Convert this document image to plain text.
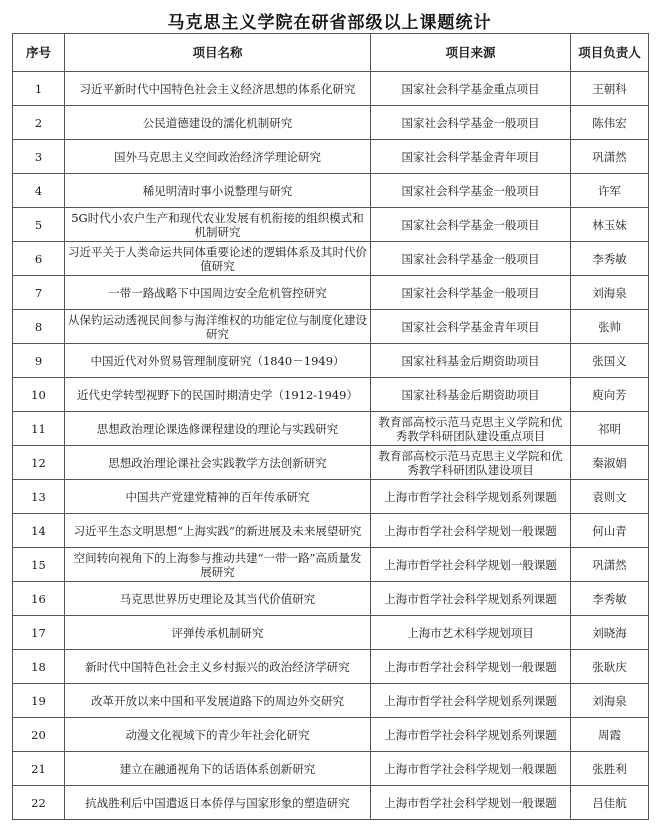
马克思主义学院在研省部级以上课题统计
序号	项目名称	项目来源	项目负责人
1	习近平新时代中国特色社会主义经济思想的体系化研究	国家社会科学基金重点项目	王朝科
2	公民道德建设的濡化机制研究	国家社会科学基金一般项目	陈伟宏
3	国外马克思主义空间政治经济学理论研究	国家社会科学基金青年项目	巩潇然
4	稀见明清时事小说整理与研究	国家社会科学基金一般项目	许军
5	5G时代小农户生产和现代农业发展有机衔接的组织模式和机制研究	国家社会科学基金一般项目	林玉妹
6	习近平关于人类命运共同体重要论述的逻辑体系及其时代价值研究	国家社会科学基金一般项目	李秀敏
7	一带一路战略下中国周边安全危机管控研究	国家社会科学基金一般项目	刘海泉
8	从保钓运动透视民间参与海洋维权的功能定位与制度化建设研究	国家社会科学基金青年项目	张帅
9	中国近代对外贸易管理制度研究（1840－1949）	国家社科基金后期资助项目	张国义
10	近代史学转型视野下的民国时期清史学（1912-1949）	国家社科基金后期资助项目	庾向芳
11	思想政治理论课选修课程建设的理论与实践研究	教育部高校示范马克思主义学院和优秀教学科研团队建设重点项目	祁明
12	思想政治理论课社会实践教学方法创新研究	教育部高校示范马克思主义学院和优秀教学科研团队建设项目	秦淑娟
13	中国共产党建党精神的百年传承研究	上海市哲学社会科学规划系列课题	袁则文
14	习近平生态文明思想“上海实践”的新进展及未来展望研究	上海市哲学社会科学规划一般课题	何山青
15	空间转向视角下的上海参与推动共建“一带一路”高质量发展研究	上海市哲学社会科学规划一般课题	巩潇然
16	马克思世界历史理论及其当代价值研究	上海市哲学社会科学规划系列课题	李秀敏
17	评弹传承机制研究	上海市艺术科学规划项目	刘晓海
18	新时代中国特色社会主义乡村振兴的政治经济学研究	上海市哲学社会科学规划一般课题	张耿庆
19	改革开放以来中国和平发展道路下的周边外交研究	上海市哲学社会科学规划系列课题	刘海泉
20	动漫文化视域下的青少年社会化研究	上海市哲学社会科学规划系列课题	周霞
21	建立在融通视角下的话语体系创新研究	上海市哲学社会科学规划一般课题	张胜利
22	抗战胜利后中国遣返日本侨俘与国家形象的塑造研究	上海市哲学社会科学规划一般课题	吕佳航
